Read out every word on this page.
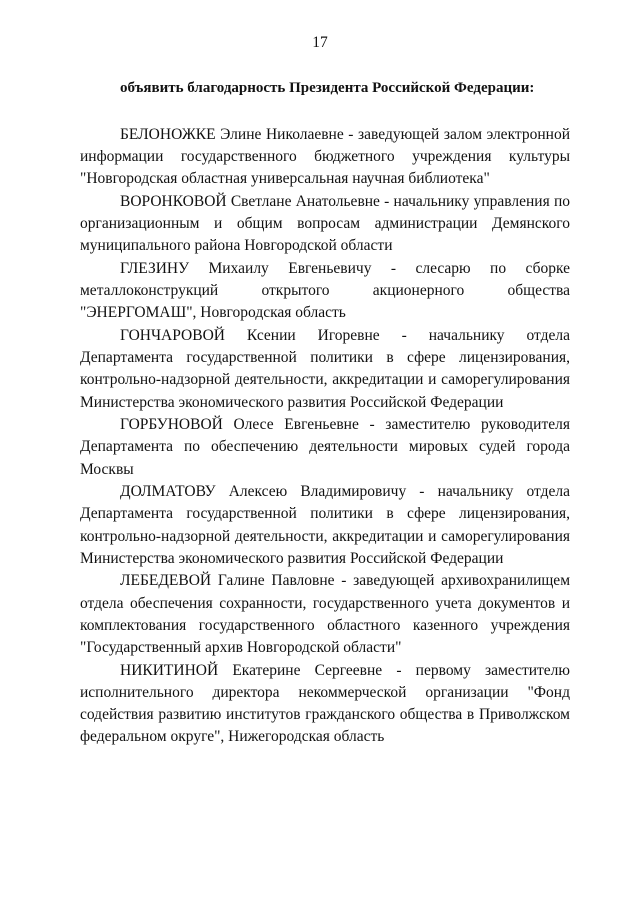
17
объявить благодарность Президента Российской Федерации:

БЕЛОНОЖКЕ Элине Николаевне - заведующей залом электронной информации государственного бюджетного учреждения культуры "Новгородская областная универсальная научная библиотека"

ВОРОНКОВОЙ Светлане Анатольевне - начальнику управления по организационным и общим вопросам администрации Демянского муниципального района Новгородской области

ГЛЕЗИНУ Михаилу Евгеньевичу - слесарю по сборке металлоконструкций открытого акционерного общества "ЭНЕРГОМАШ", Новгородская область

ГОНЧАРОВОЙ Ксении Игоревне - начальнику отдела Департамента государственной политики в сфере лицензирования, контрольно-надзорной деятельности, аккредитации и саморегулирования Министерства экономического развития Российской Федерации

ГОРБУНОВОЙ Олесе Евгеньевне - заместителю руководителя Департамента по обеспечению деятельности мировых судей города Москвы

ДОЛМАТОВУ Алексею Владимировичу - начальнику отдела Департамента государственной политики в сфере лицензирования, контрольно-надзорной деятельности, аккредитации и саморегулирования Министерства экономического развития Российской Федерации

ЛЕБЕДЕВОЙ Галине Павловне - заведующей архивохранилищем отдела обеспечения сохранности, государственного учета документов и комплектования государственного областного казенного учреждения "Государственный архив Новгородской области"

НИКИТИНОЙ Екатерине Сергеевне - первому заместителю исполнительного директора некоммерческой организации "Фонд содействия развитию институтов гражданского общества в Приволжском федеральном округе", Нижегородская область
